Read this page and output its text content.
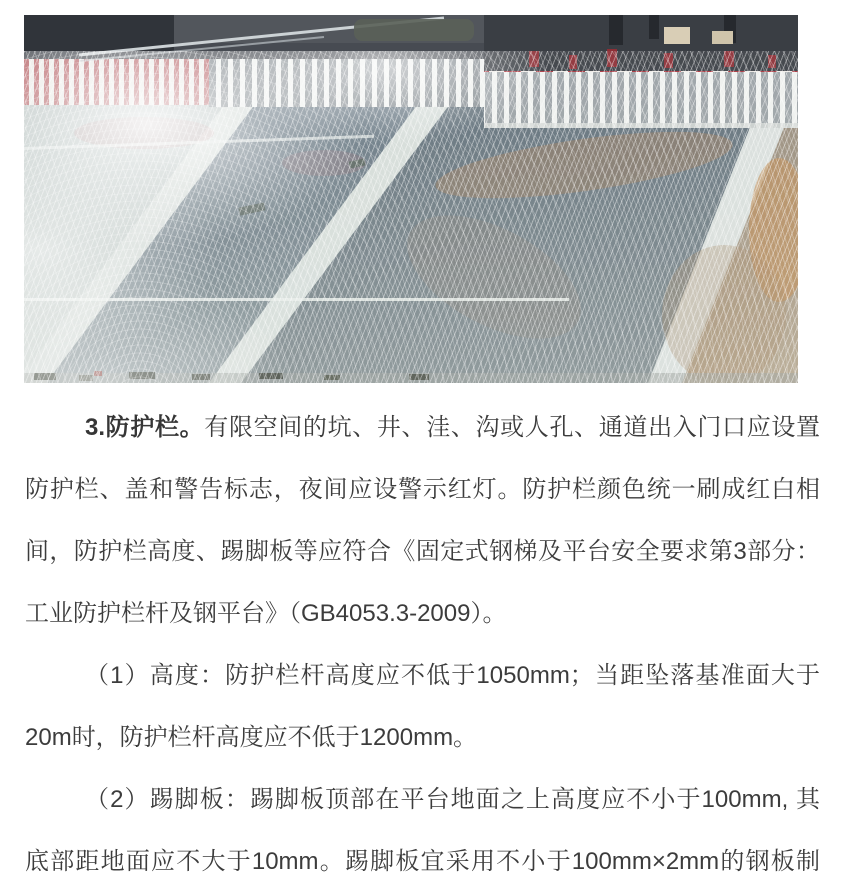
3.防护栏。有限空间的坑、井、洼、沟或人孔、通道出入门口应设置
防护栏、盖和警告标志，夜间应设警示红灯。防护栏颜色统一刷成红白相
间，防护栏高度、踢脚板等应符合《固定式钢梯及平台安全要求第3部分：
工业防护栏杆及钢平台》（GB4053.3-2009）。
（1）高度：防护栏杆高度应不低于1050mm；当距坠落基准面大于
20m时，防护栏杆高度应不低于1200mm。
（2）踢脚板：踢脚板顶部在平台地面之上高度应不小于100mm, 其
底部距地面应不大于10mm。踢脚板宜采用不小于100mm×2mm的钢板制
